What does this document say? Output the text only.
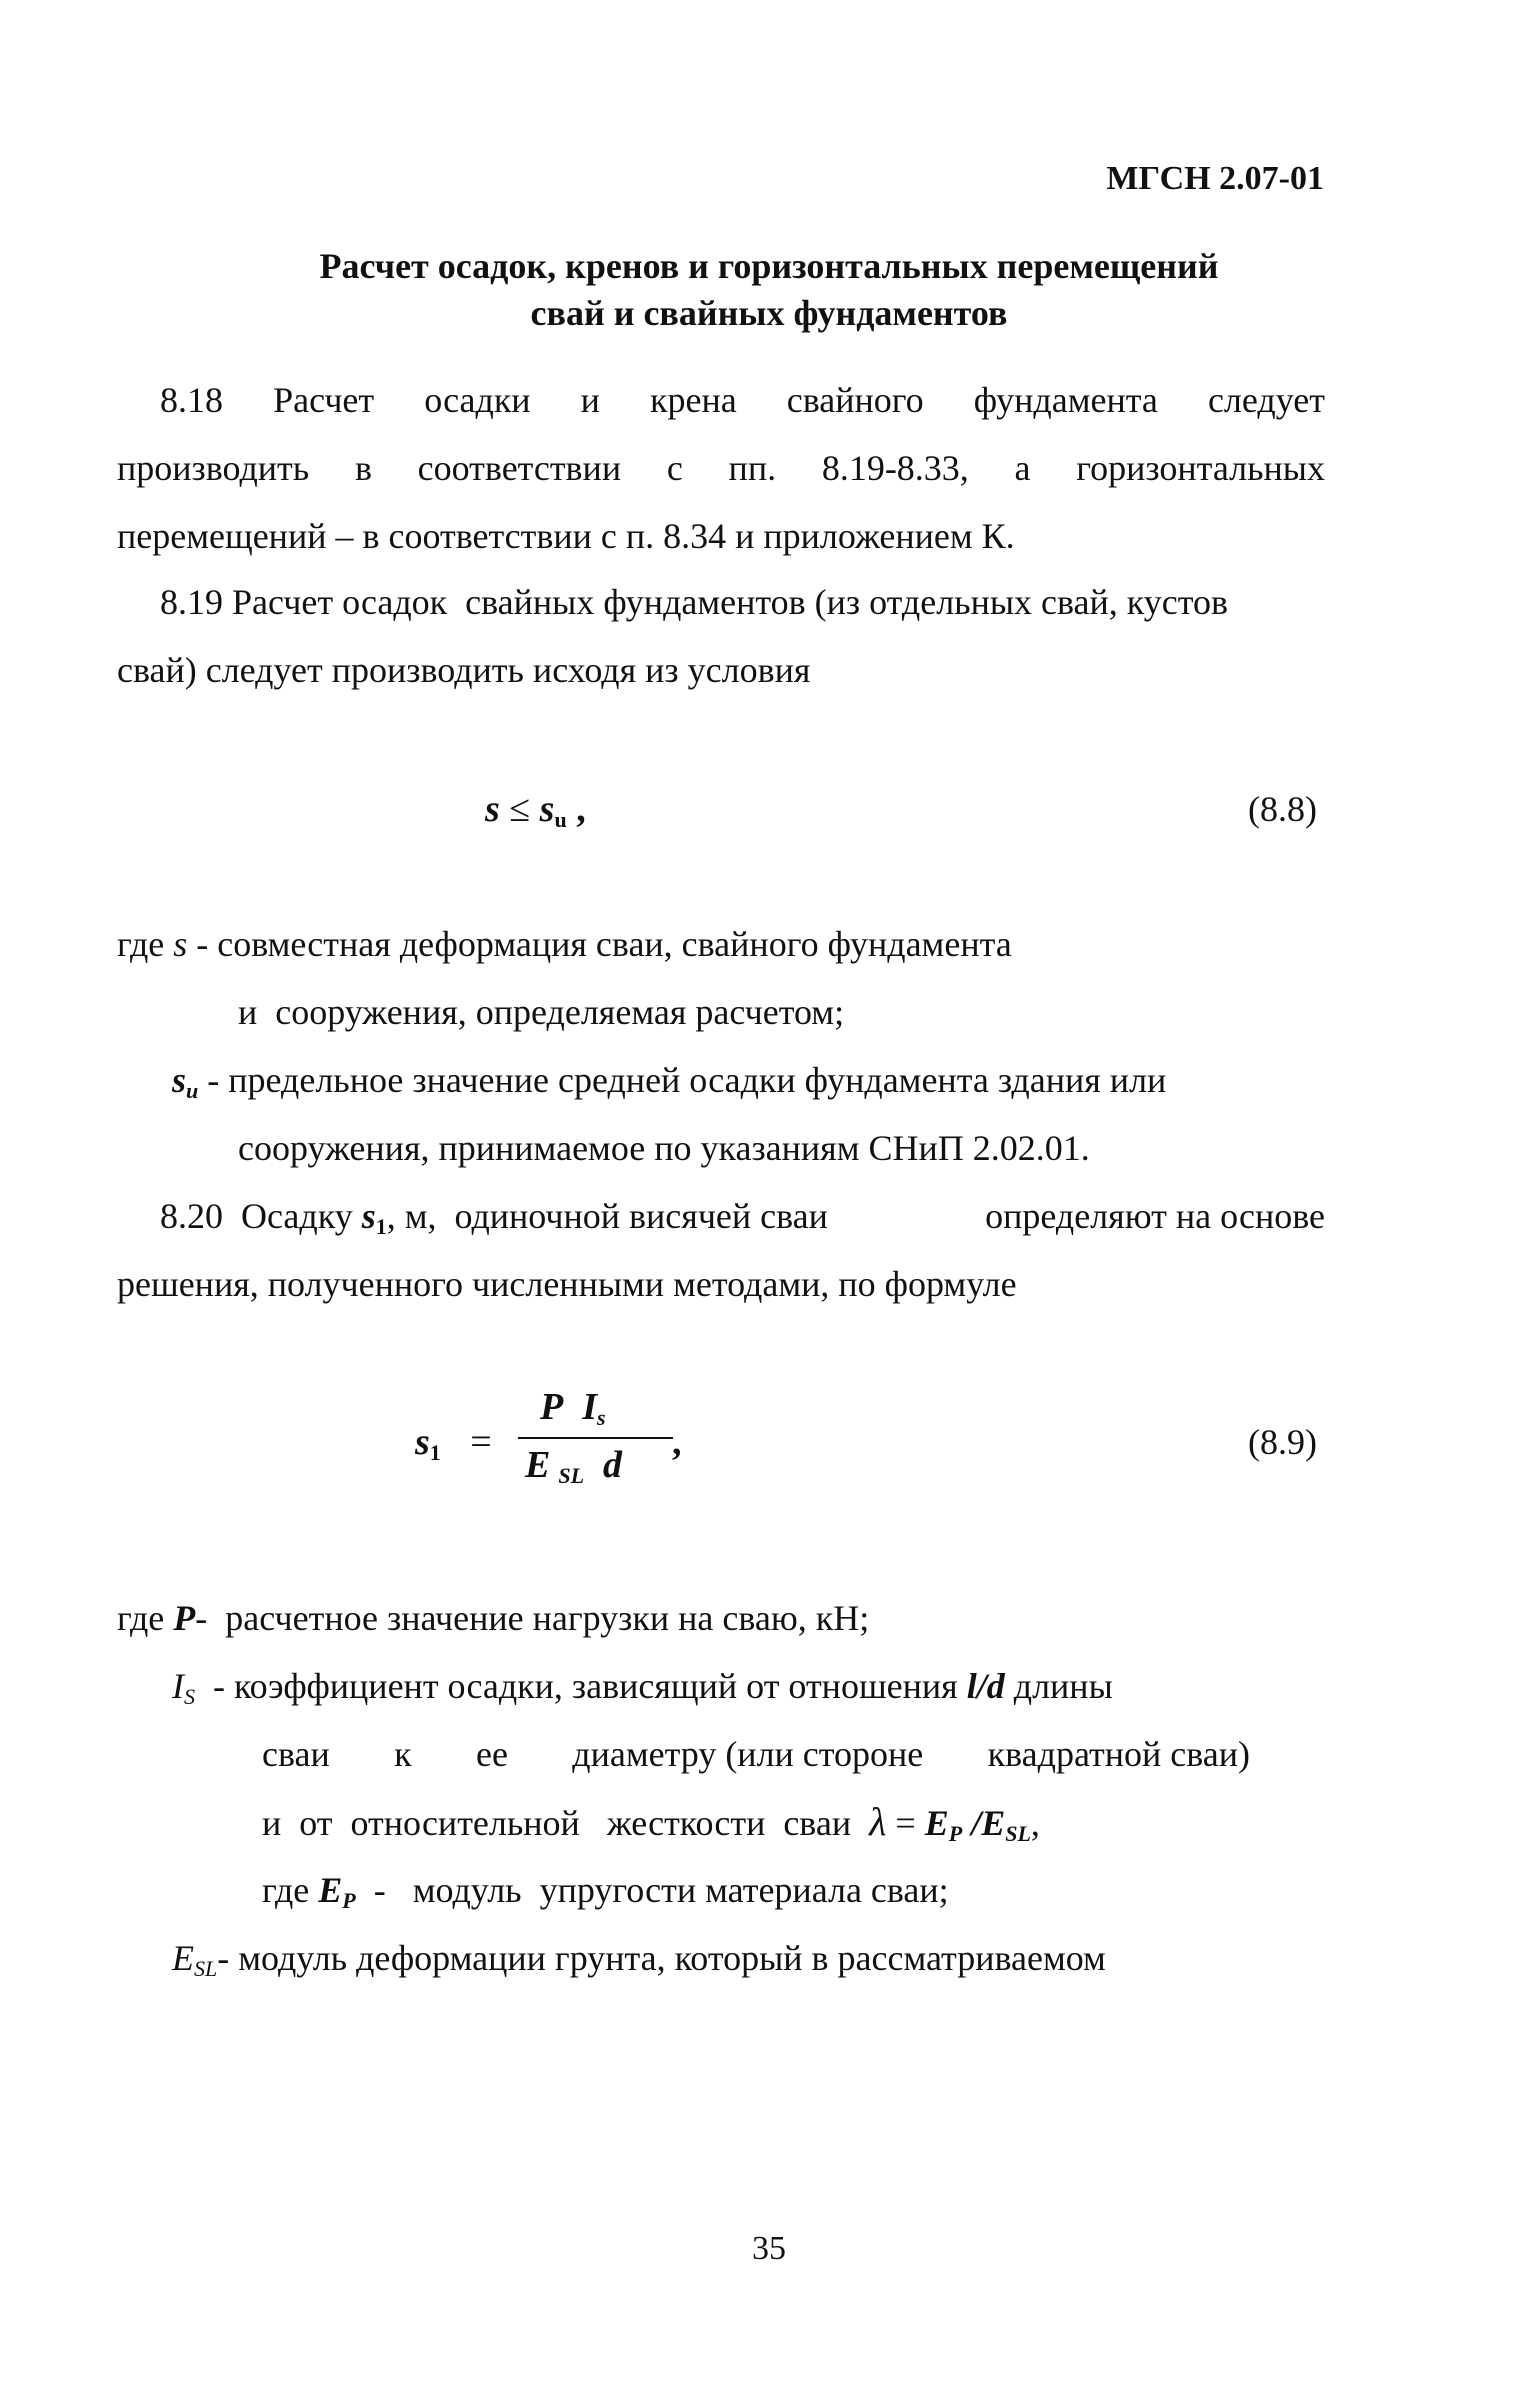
МГСН 2.07-01
Расчет осадок, кренов и горизонтальных перемещений
свай и свайных фундаментов
8.18 Расчет осадки и крена свайного фундамента следует
производить в соответствии с пп. 8.19-8.33, а горизонтальных
перемещений – в соответствии с п. 8.34 и приложением К.
8.19 Расчет осадок  свайных фундаментов (из отдельных свай, кустов
свай) следует производить исходя из условия
$s \le s_u$ ,	(8.8)
где s - совместная деформация сваи, свайного фундамента
и  сооружения, определяемая расчетом;
$s_u$ - предельное значение средней осадки фундамента здания или
сооружения, принимаемое по указаниям СНиП 2.02.01.
8.20  Осадку $s_1$, м,  одиночной висячей сваи	определяют на основе
решения, полученного численными методами, по формуле
$s_1$ =
P $I_s$
E $_{SL}$ d
,	(8.9)
где P-  расчетное значение нагрузки на сваю, кН;
$I_S$ - коэффициент осадки, зависящий от отношения l/d длины
сваи к ее диаметру (или стороне квадратной сваи)
и  от  относительной   жесткости  сваи $\lambda = E_P$ $/E_{SL}$,
где $E_P$ -   модуль  упругости материала сваи;
$E_{SL}-$ модуль деформации грунта, который в рассматриваемом
35
